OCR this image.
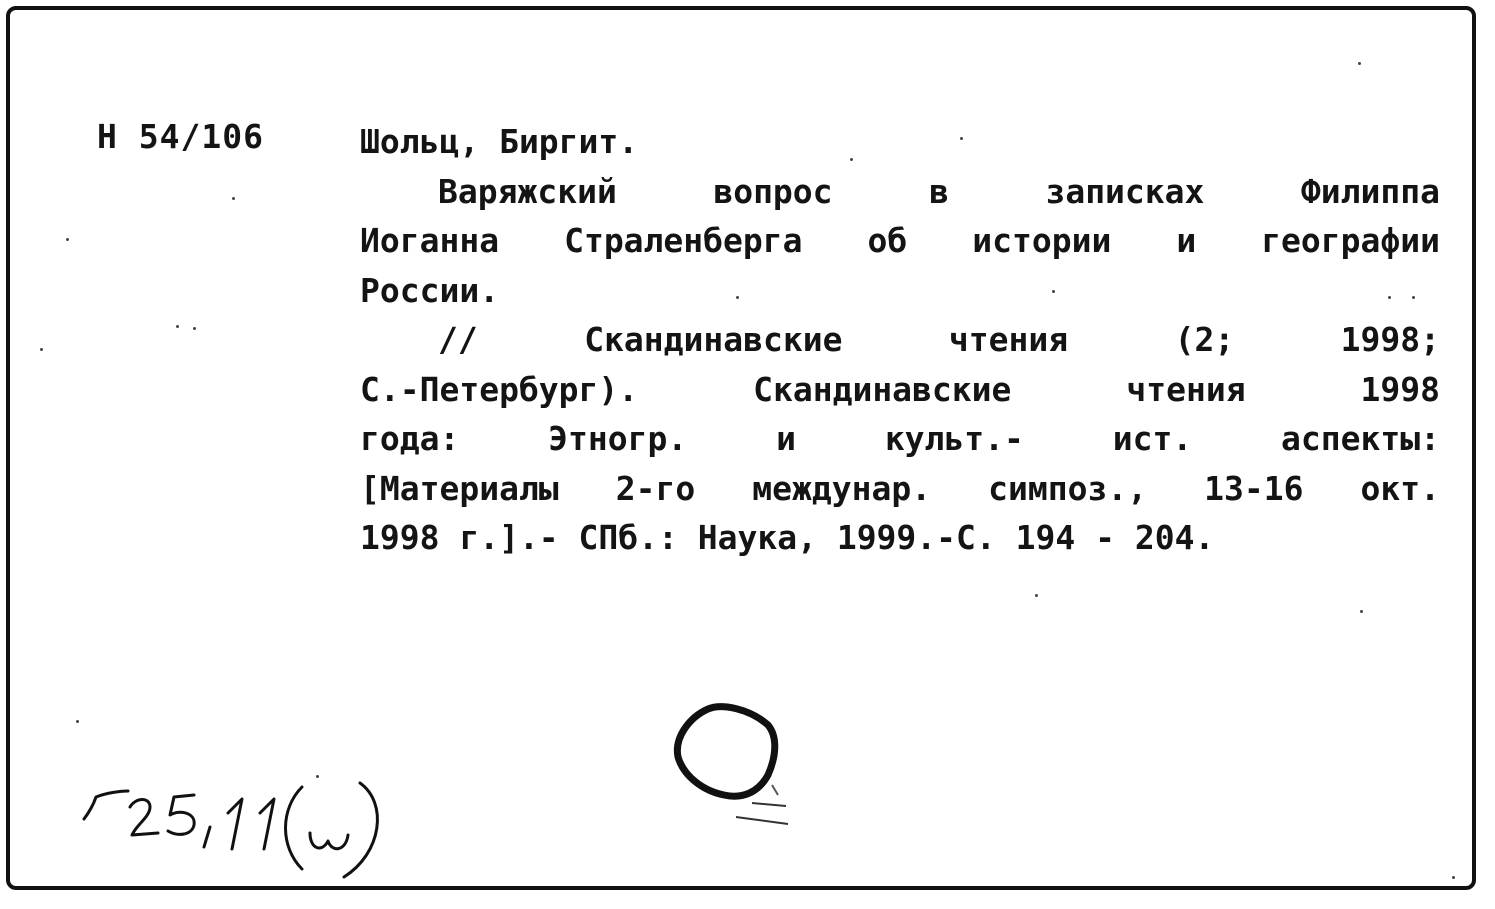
Н 54/106	Шольц, Биргит.
Варяжский вопрос в записках Филиппа
Иоганна Страленберга об истории и географии
России.
// Скандинавские чтения (2; 1998;
С.-Петербург). Скандинавские чтения 1998
года: Этногр. и культ.- ист. аспекты:
[Материалы 2-го междунар. симпоз., 13-16 окт.
1998 г.].- СПб.: Наука, 1999.-С. 194 - 204.
